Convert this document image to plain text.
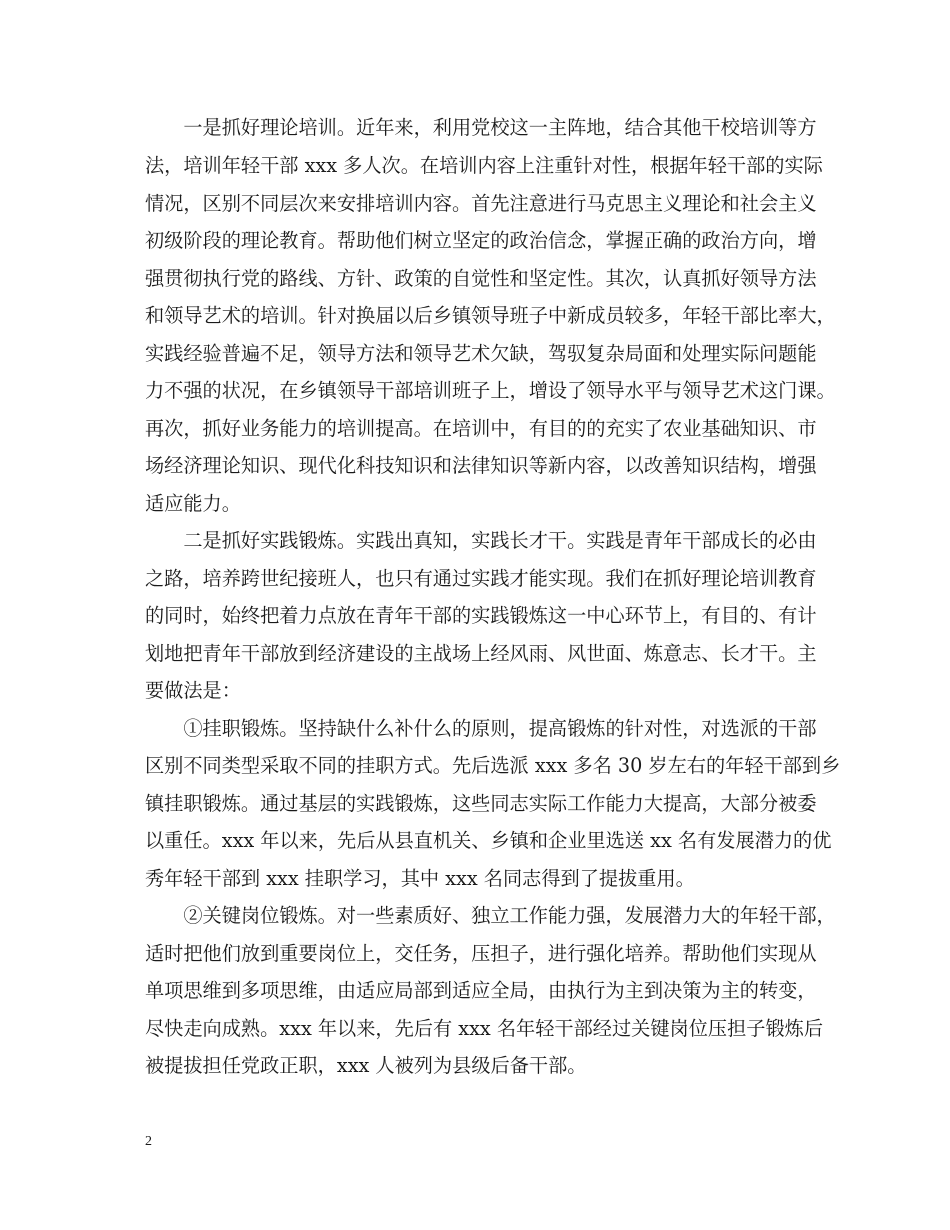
　　一是抓好理论培训。近年来，利用党校这一主阵地，结合其他干校培训等方
法，培训年轻干部 xxx 多人次。在培训内容上注重针对性，根据年轻干部的实际
情况，区别不同层次来安排培训内容。首先注意进行马克思主义理论和社会主义
初级阶段的理论教育。帮助他们树立坚定的政治信念，掌握正确的政治方向，增
强贯彻执行党的路线、方针、政策的自觉性和坚定性。其次，认真抓好领导方法
和领导艺术的培训。针对换届以后乡镇领导班子中新成员较多，年轻干部比率大，
实践经验普遍不足，领导方法和领导艺术欠缺，驾驭复杂局面和处理实际问题能
力不强的状况，在乡镇领导干部培训班子上，增设了领导水平与领导艺术这门课。
再次，抓好业务能力的培训提高。在培训中，有目的的充实了农业基础知识、市
场经济理论知识、现代化科技知识和法律知识等新内容，以改善知识结构，增强
适应能力。
　　二是抓好实践锻炼。实践出真知，实践长才干。实践是青年干部成长的必由
之路，培养跨世纪接班人，也只有通过实践才能实现。我们在抓好理论培训教育
的同时，始终把着力点放在青年干部的实践锻炼这一中心环节上，有目的、有计
划地把青年干部放到经济建设的主战场上经风雨、风世面、炼意志、长才干。主
要做法是：
　　①挂职锻炼。坚持缺什么补什么的原则，提高锻炼的针对性，对选派的干部
区别不同类型采取不同的挂职方式。先后选派 xxx 多名 30 岁左右的年轻干部到乡
镇挂职锻炼。通过基层的实践锻炼，这些同志实际工作能力大提高，大部分被委
以重任。xxx 年以来，先后从县直机关、乡镇和企业里选送 xx 名有发展潜力的优
秀年轻干部到 xxx 挂职学习，其中 xxx 名同志得到了提拔重用。
　　②关键岗位锻炼。对一些素质好、独立工作能力强，发展潜力大的年轻干部，
适时把他们放到重要岗位上，交任务，压担子，进行强化培养。帮助他们实现从
单项思维到多项思维，由适应局部到适应全局，由执行为主到决策为主的转变，
尽快走向成熟。xxx 年以来，先后有 xxx 名年轻干部经过关键岗位压担子锻炼后
被提拔担任党政正职，xxx 人被列为县级后备干部。
2
